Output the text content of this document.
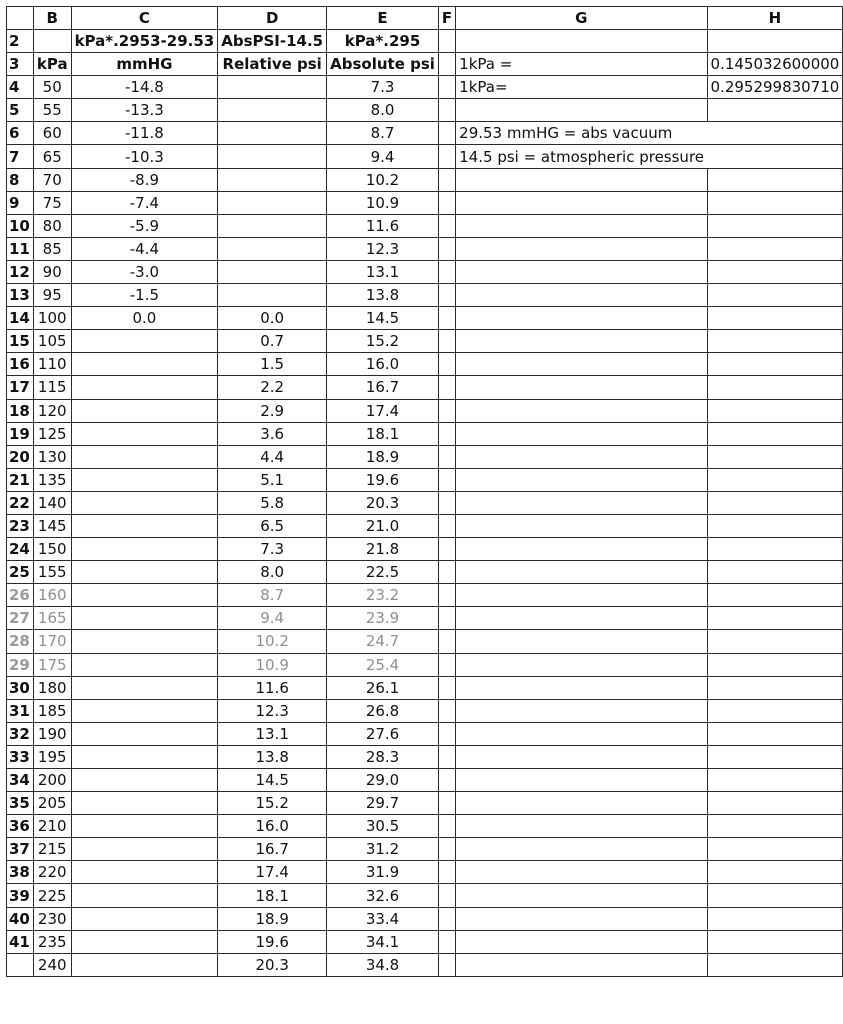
	B	C	D	E	F	G	H
2		kPa*.2953-29.53	AbsPSI-14.5	kPa*.295			
3	kPa	mmHG	Relative psi	Absolute psi		1kPa =	0.145032600000
4	50	-14.8		7.3		1kPa=	0.295299830710
5	55	-13.3		8.0			
6	60	-11.8		8.7		29.53 mmHG = abs vacuum	
7	65	-10.3		9.4		14.5 psi = atmospheric pressure	
8	70	-8.9		10.2			
9	75	-7.4		10.9			
10	80	-5.9		11.6			
11	85	-4.4		12.3			
12	90	-3.0		13.1			
13	95	-1.5		13.8			
14	100	0.0	0.0	14.5			
15	105		0.7	15.2			
16	110		1.5	16.0			
17	115		2.2	16.7			
18	120		2.9	17.4			
19	125		3.6	18.1			
20	130		4.4	18.9			
21	135		5.1	19.6			
22	140		5.8	20.3			
23	145		6.5	21.0			
24	150		7.3	21.8			
25	155		8.0	22.5			
26	160		8.7	23.2			
27	165		9.4	23.9			
28	170		10.2	24.7			
29	175		10.9	25.4			
30	180		11.6	26.1			
31	185		12.3	26.8			
32	190		13.1	27.6			
33	195		13.8	28.3			
34	200		14.5	29.0			
35	205		15.2	29.7			
36	210		16.0	30.5			
37	215		16.7	31.2			
38	220		17.4	31.9			
39	225		18.1	32.6			
40	230		18.9	33.4			
41	235		19.6	34.1			
	240		20.3	34.8			
